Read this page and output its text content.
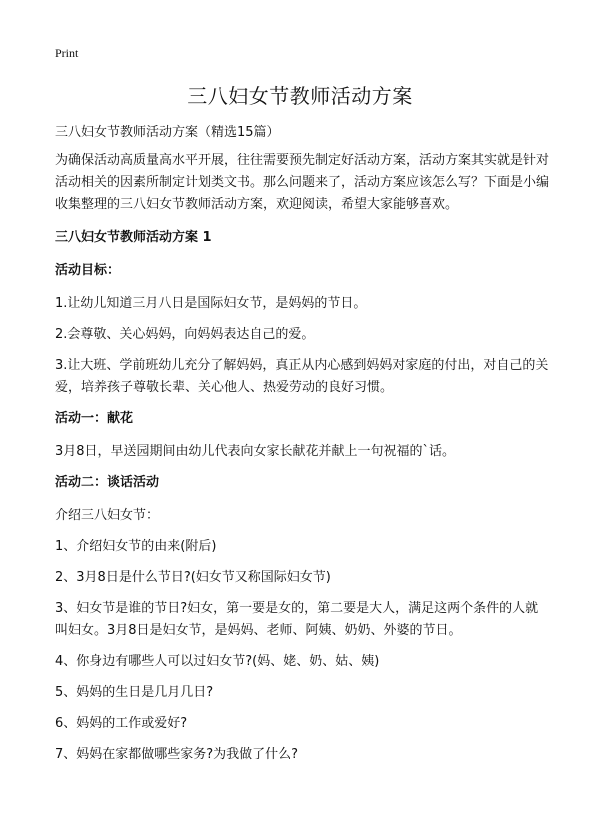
Print
三八妇女节教师活动方案

三八妇女节教师活动方案（精选15篇）

为确保活动高质量高水平开展，往往需要预先制定好活动方案，活动方案其实就是针对活动相关的因素所制定计划类文书。那么问题来了，活动方案应该怎么写？下面是小编收集整理的三八妇女节教师活动方案，欢迎阅读，希望大家能够喜欢。

三八妇女节教师活动方案 1

活动目标：

1.让幼儿知道三月八日是国际妇女节，是妈妈的节日。

2.会尊敬、关心妈妈，向妈妈表达自己的爱。

3.让大班、学前班幼儿充分了解妈妈，真正从内心感到妈妈对家庭的付出，对自己的关爱，培养孩子尊敬长辈、关心他人、热爱劳动的良好习惯。

活动一：献花

3月8日，早送园期间由幼儿代表向女家长献花并献上一句祝福的`话。

活动二：谈话活动

介绍三八妇女节：

1、介绍妇女节的由来(附后)

2、3月8日是什么节日?(妇女节又称国际妇女节)

3、妇女节是谁的节日?妇女，第一要是女的，第二要是大人，满足这两个条件的人就叫妇女。3月8日是妇女节，是妈妈、老师、阿姨、奶奶、外婆的节日。

4、你身边有哪些人可以过妇女节?(妈、姥、奶、姑、姨)

5、妈妈的生日是几月几日?

6、妈妈的工作或爱好?

7、妈妈在家都做哪些家务?为我做了什么?
